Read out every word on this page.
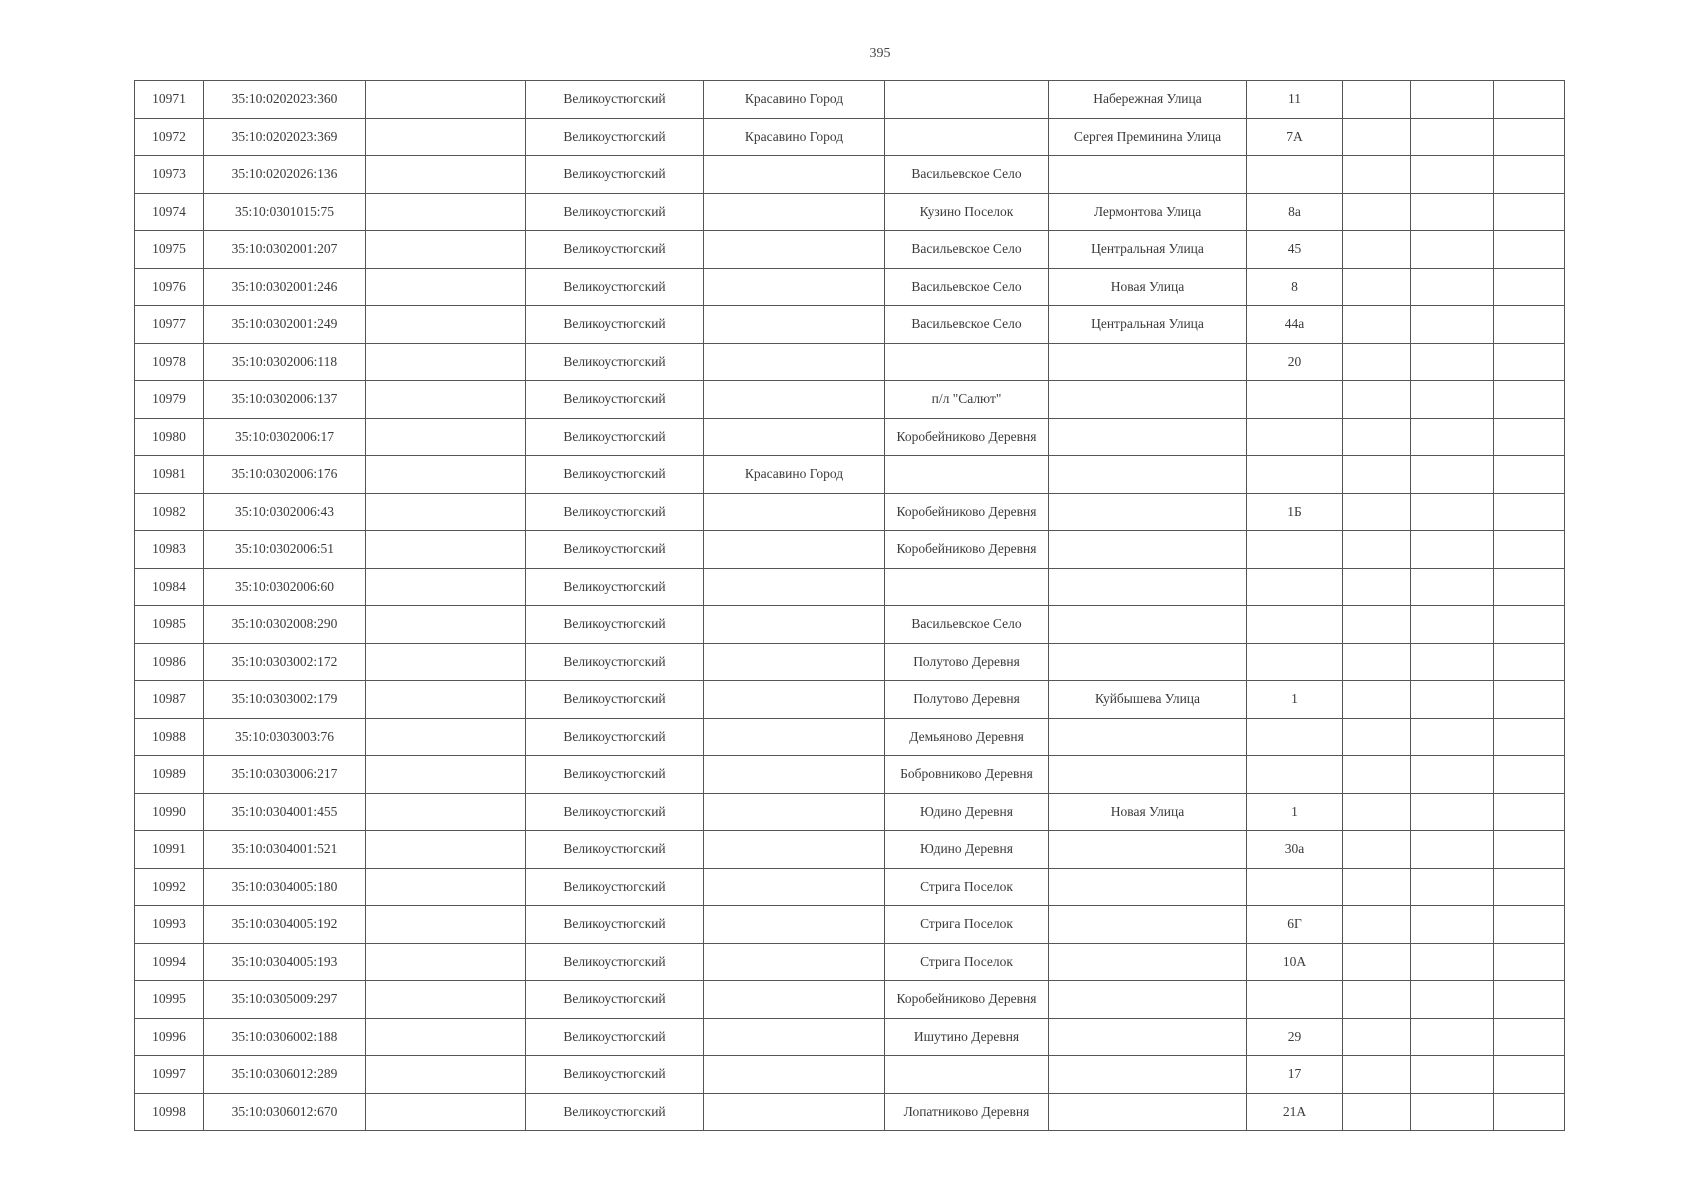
395
10971	35:10:0202023:360		Великоустюгский	Красавино Город		Набережная Улица	11			
10972	35:10:0202023:369		Великоустюгский	Красавино Город		Сергея Преминина Улица	7А			
10973	35:10:0202026:136		Великоустюгский		Васильевское Село					
10974	35:10:0301015:75		Великоустюгский		Кузино Поселок	Лермонтова Улица	8а			
10975	35:10:0302001:207		Великоустюгский		Васильевское Село	Центральная Улица	45			
10976	35:10:0302001:246		Великоустюгский		Васильевское Село	Новая Улица	8			
10977	35:10:0302001:249		Великоустюгский		Васильевское Село	Центральная Улица	44а			
10978	35:10:0302006:118		Великоустюгский				20			
10979	35:10:0302006:137		Великоустюгский		п/л "Салют"					
10980	35:10:0302006:17		Великоустюгский		Коробейниково Деревня					
10981	35:10:0302006:176		Великоустюгский	Красавино Город						
10982	35:10:0302006:43		Великоустюгский		Коробейниково Деревня		1Б			
10983	35:10:0302006:51		Великоустюгский		Коробейниково Деревня					
10984	35:10:0302006:60		Великоустюгский							
10985	35:10:0302008:290		Великоустюгский		Васильевское Село					
10986	35:10:0303002:172		Великоустюгский		Полутово Деревня					
10987	35:10:0303002:179		Великоустюгский		Полутово Деревня	Куйбышева Улица	1			
10988	35:10:0303003:76		Великоустюгский		Демьяново Деревня					
10989	35:10:0303006:217		Великоустюгский		Бобровниково Деревня					
10990	35:10:0304001:455		Великоустюгский		Юдино Деревня	Новая Улица	1			
10991	35:10:0304001:521		Великоустюгский		Юдино Деревня		30а			
10992	35:10:0304005:180		Великоустюгский		Стрига Поселок					
10993	35:10:0304005:192		Великоустюгский		Стрига Поселок		6Г			
10994	35:10:0304005:193		Великоустюгский		Стрига Поселок		10А			
10995	35:10:0305009:297		Великоустюгский		Коробейниково Деревня					
10996	35:10:0306002:188		Великоустюгский		Ишутино Деревня		29			
10997	35:10:0306012:289		Великоустюгский				17			
10998	35:10:0306012:670		Великоустюгский		Лопатниково Деревня		21А			
